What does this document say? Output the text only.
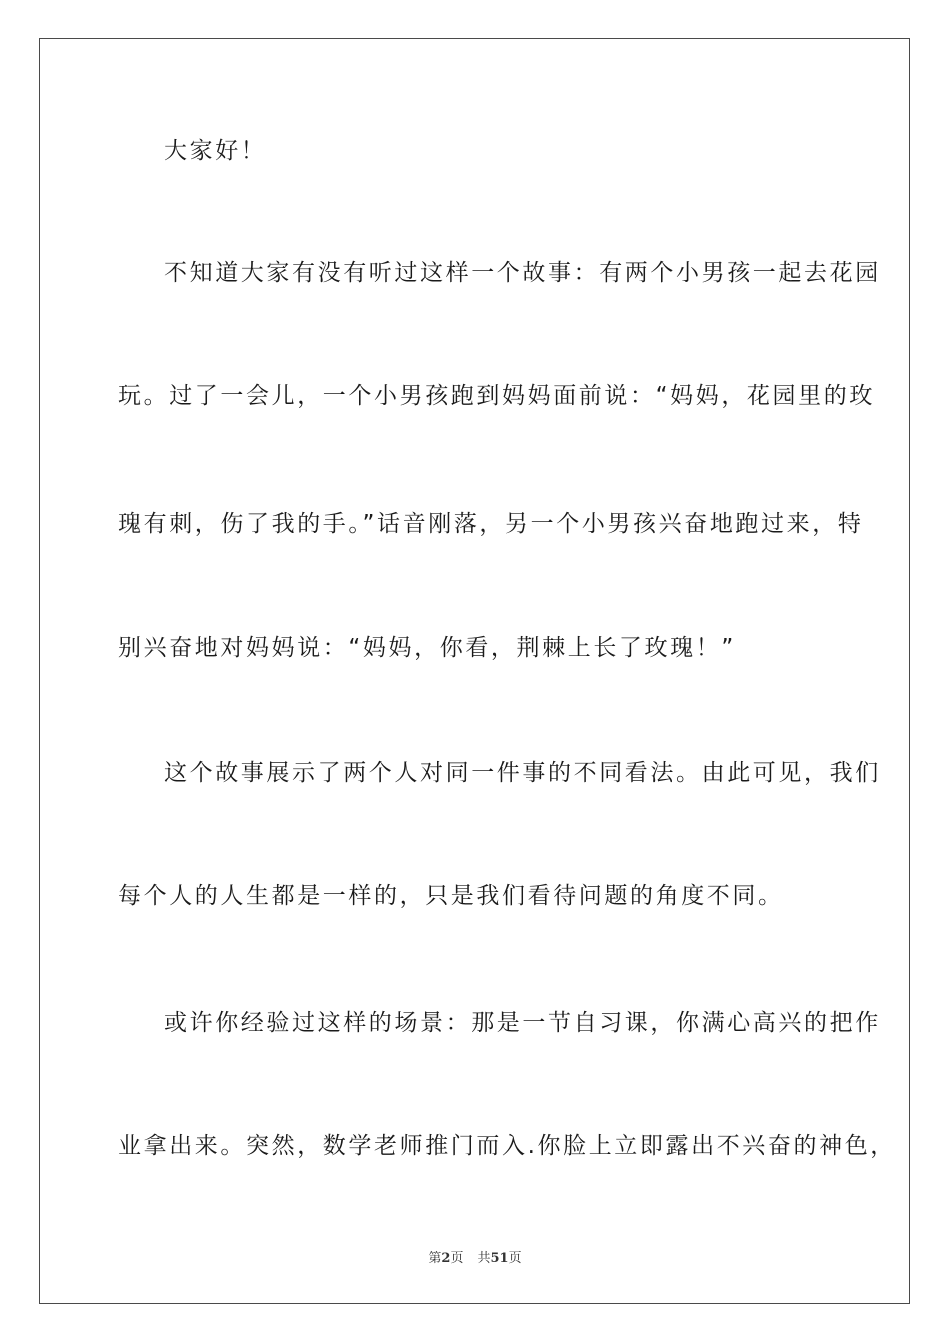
大家好！
不知道大家有没有听过这样一个故事：有两个小男孩一起去花园
玩。过了一会儿，一个小男孩跑到妈妈面前说：“妈妈，花园里的玫
瑰有刺，伤了我的手。”话音刚落，另一个小男孩兴奋地跑过来，特
别兴奋地对妈妈说：“妈妈，你看，荆棘上长了玫瑰！”
这个故事展示了两个人对同一件事的不同看法。由此可见，我们
每个人的人生都是一样的，只是我们看待问题的角度不同。
或许你经验过这样的场景：那是一节自习课，你满心高兴的把作
业拿出来。突然，数学老师推门而入.你脸上立即露出不兴奋的神色，
第2页 共51页
